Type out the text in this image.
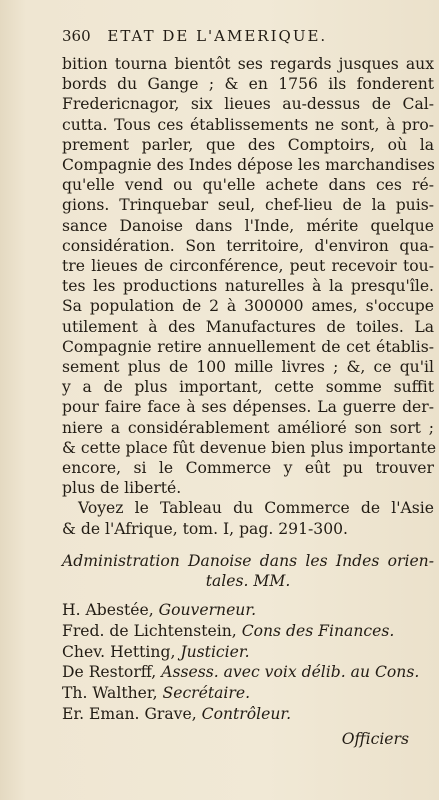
360 ETAT DE L'AMERIQUE.
bition tourna bientôt ses regards jusques aux
bords du Gange ; & en 1756 ils fonderent
Fredericnagor, six lieues au-dessus de Cal-
cutta. Tous ces établissements ne sont, à pro-
prement parler, que des Comptoirs, où la
Compagnie des Indes dépose les marchandises
qu'elle vend ou qu'elle achete dans ces ré-
gions. Trinquebar seul, chef-lieu de la puis-
sance Danoise dans l'Inde, mérite quelque
considération. Son territoire, d'environ qua-
tre lieues de circonférence, peut recevoir tou-
tes les productions naturelles à la presqu'île.
Sa population de 2 à 300000 ames, s'occupe
utilement à des Manufactures de toiles. La
Compagnie retire annuellement de cet établis-
sement plus de 100 mille livres ; &, ce qu'il
y a de plus important, cette somme suffit
pour faire face à ses dépenses. La guerre der-
niere a considérablement amélioré son sort ;
& cette place fût devenue bien plus importante
encore, si le Commerce y eût pu trouver
plus de liberté.
Voyez le Tableau du Commerce de l'Asie
& de l'Afrique, tom. I, pag. 291-300.
Administration Danoise dans les Indes orien-
tales. MM.
H. Abestée, Gouverneur.
Fred. de Lichtenstein, Cons des Finances.
Chev. Hetting, Justicier.
De Restorff, Assess. avec voix délib. au Cons.
Th. Walther, Secrétaire.
Er. Eman. Grave, Contrôleur.
Officiers
